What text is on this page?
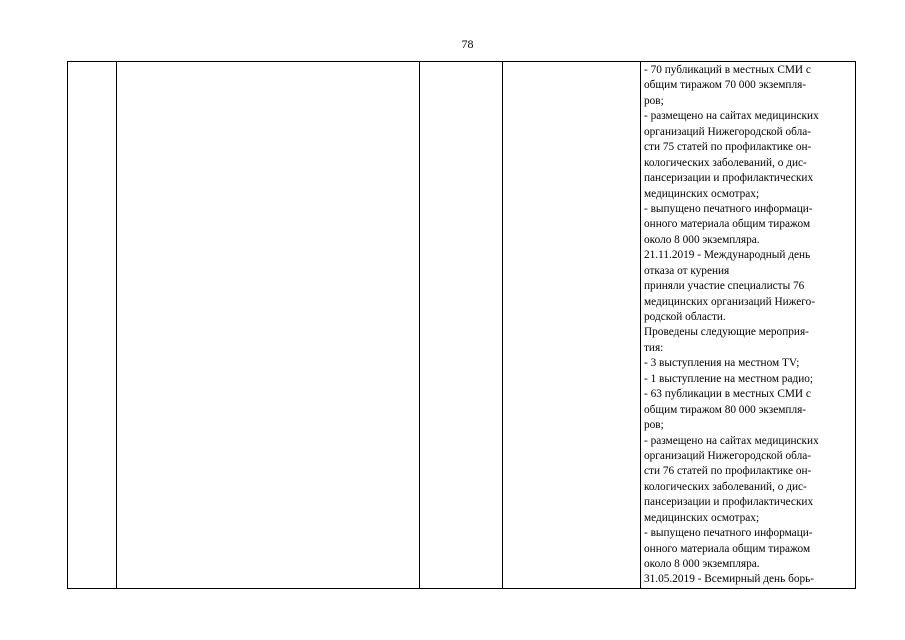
78

- 70 публикаций в местных СМИ с
общим тиражом 70 000 экземпля-
ров;
- размещено на сайтах медицинских
организаций Нижегородской обла-
сти 75 статей по профилактике он-
кологических заболеваний, о дис-
пансеризации и профилактических
медицинских осмотрах;
- выпущено печатного информаци-
онного материала общим тиражом
около 8 000 экземпляра.
21.11.2019 - Международный день
отказа от курения
приняли участие специалисты 76
медицинских организаций Нижего-
родской области.
Проведены следующие мероприя-
тия:
- 3 выступления на местном TV;
- 1 выступление на местном радио;
- 63 публикации в местных СМИ с
общим тиражом 80 000 экземпля-
ров;
- размещено на сайтах медицинских
организаций Нижегородской обла-
сти 76 статей по профилактике он-
кологических заболеваний, о дис-
пансеризации и профилактических
медицинских осмотрах;
- выпущено печатного информаци-
онного материала общим тиражом
около 8 000 экземпляра.
31.05.2019 - Всемирный день борь-
